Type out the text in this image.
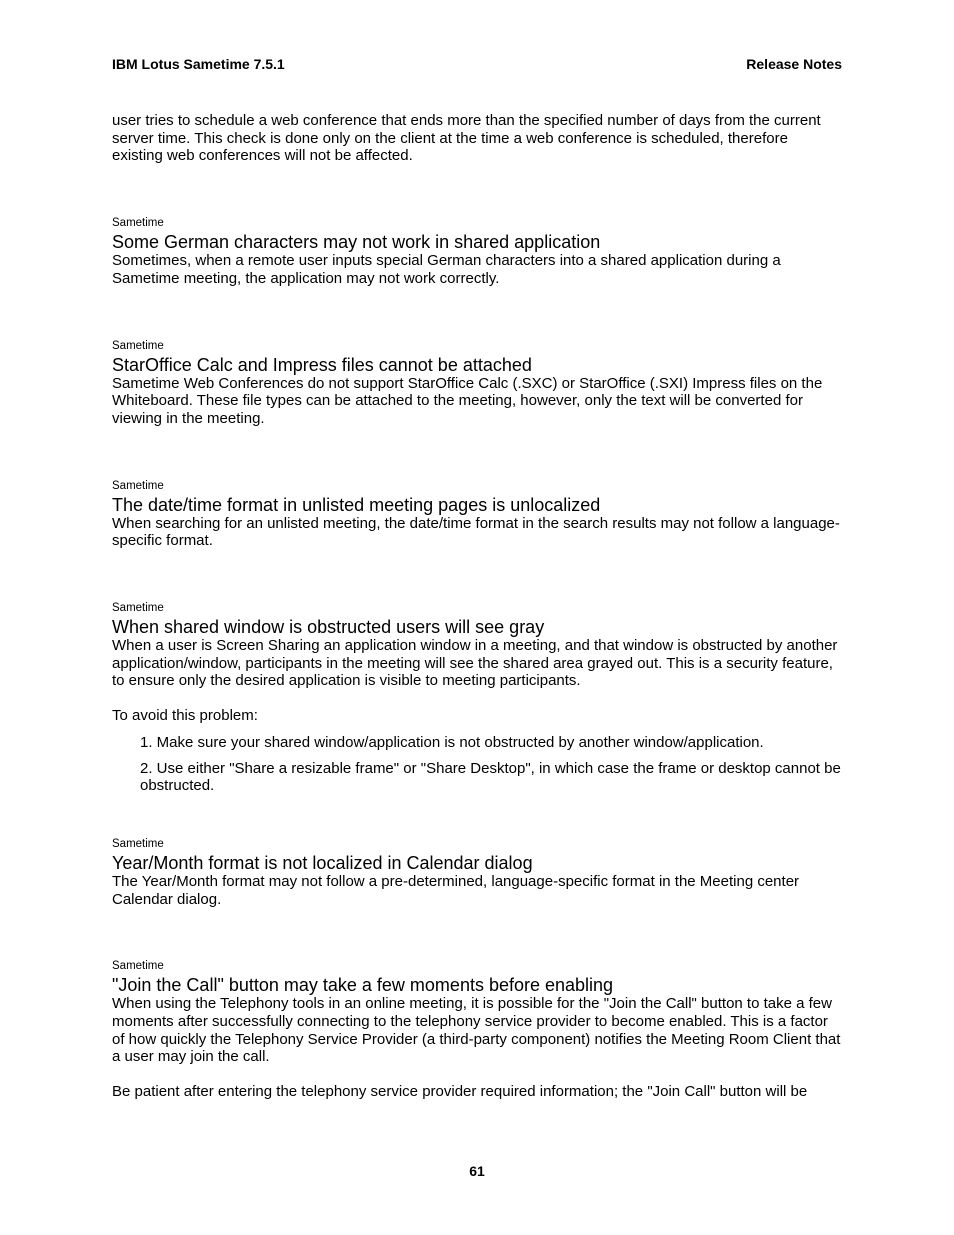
IBM Lotus Sametime 7.5.1	Release Notes

user tries to schedule a web conference that ends more than the specified number of days from the current server time. This check is done only on the client at the time a web conference is scheduled, therefore existing web conferences will not be affected.

Sametime
Some German characters may not work in shared application

Sometimes, when a remote user inputs special German characters into a shared application during a Sametime meeting, the application may not work correctly.

Sametime
StarOffice Calc and Impress files cannot be attached

Sametime Web Conferences do not support StarOffice Calc (.SXC) or StarOffice (.SXI) Impress files on the Whiteboard. These file types can be attached to the meeting, however, only the text will be converted for viewing in the meeting.

Sametime
The date/time format in unlisted meeting pages is unlocalized

When searching for an unlisted meeting, the date/time format in the search results may not follow a language-specific format.

Sametime
When shared window is obstructed users will see gray

When a user is Screen Sharing an application window in a meeting, and that window is obstructed by another application/window, participants in the meeting will see the shared area grayed out. This is a security feature, to ensure only the desired application is visible to meeting participants.

To avoid this problem:

1. Make sure your shared window/application is not obstructed by another window/application.
2. Use either "Share a resizable frame" or "Share Desktop", in which case the frame or desktop cannot be obstructed.
Sametime
Year/Month format is not localized in Calendar dialog

The Year/Month format may not follow a pre-determined, language-specific format in the Meeting center Calendar dialog.

Sametime
"Join the Call" button may take a few moments before enabling

When using the Telephony tools in an online meeting, it is possible for the "Join the Call" button to take a few moments after successfully connecting to the telephony service provider to become enabled. This is a factor of how quickly the Telephony Service Provider (a third-party component) notifies the Meeting Room Client that a user may join the call.

Be patient after entering the telephony service provider required information; the "Join Call" button will be

61
